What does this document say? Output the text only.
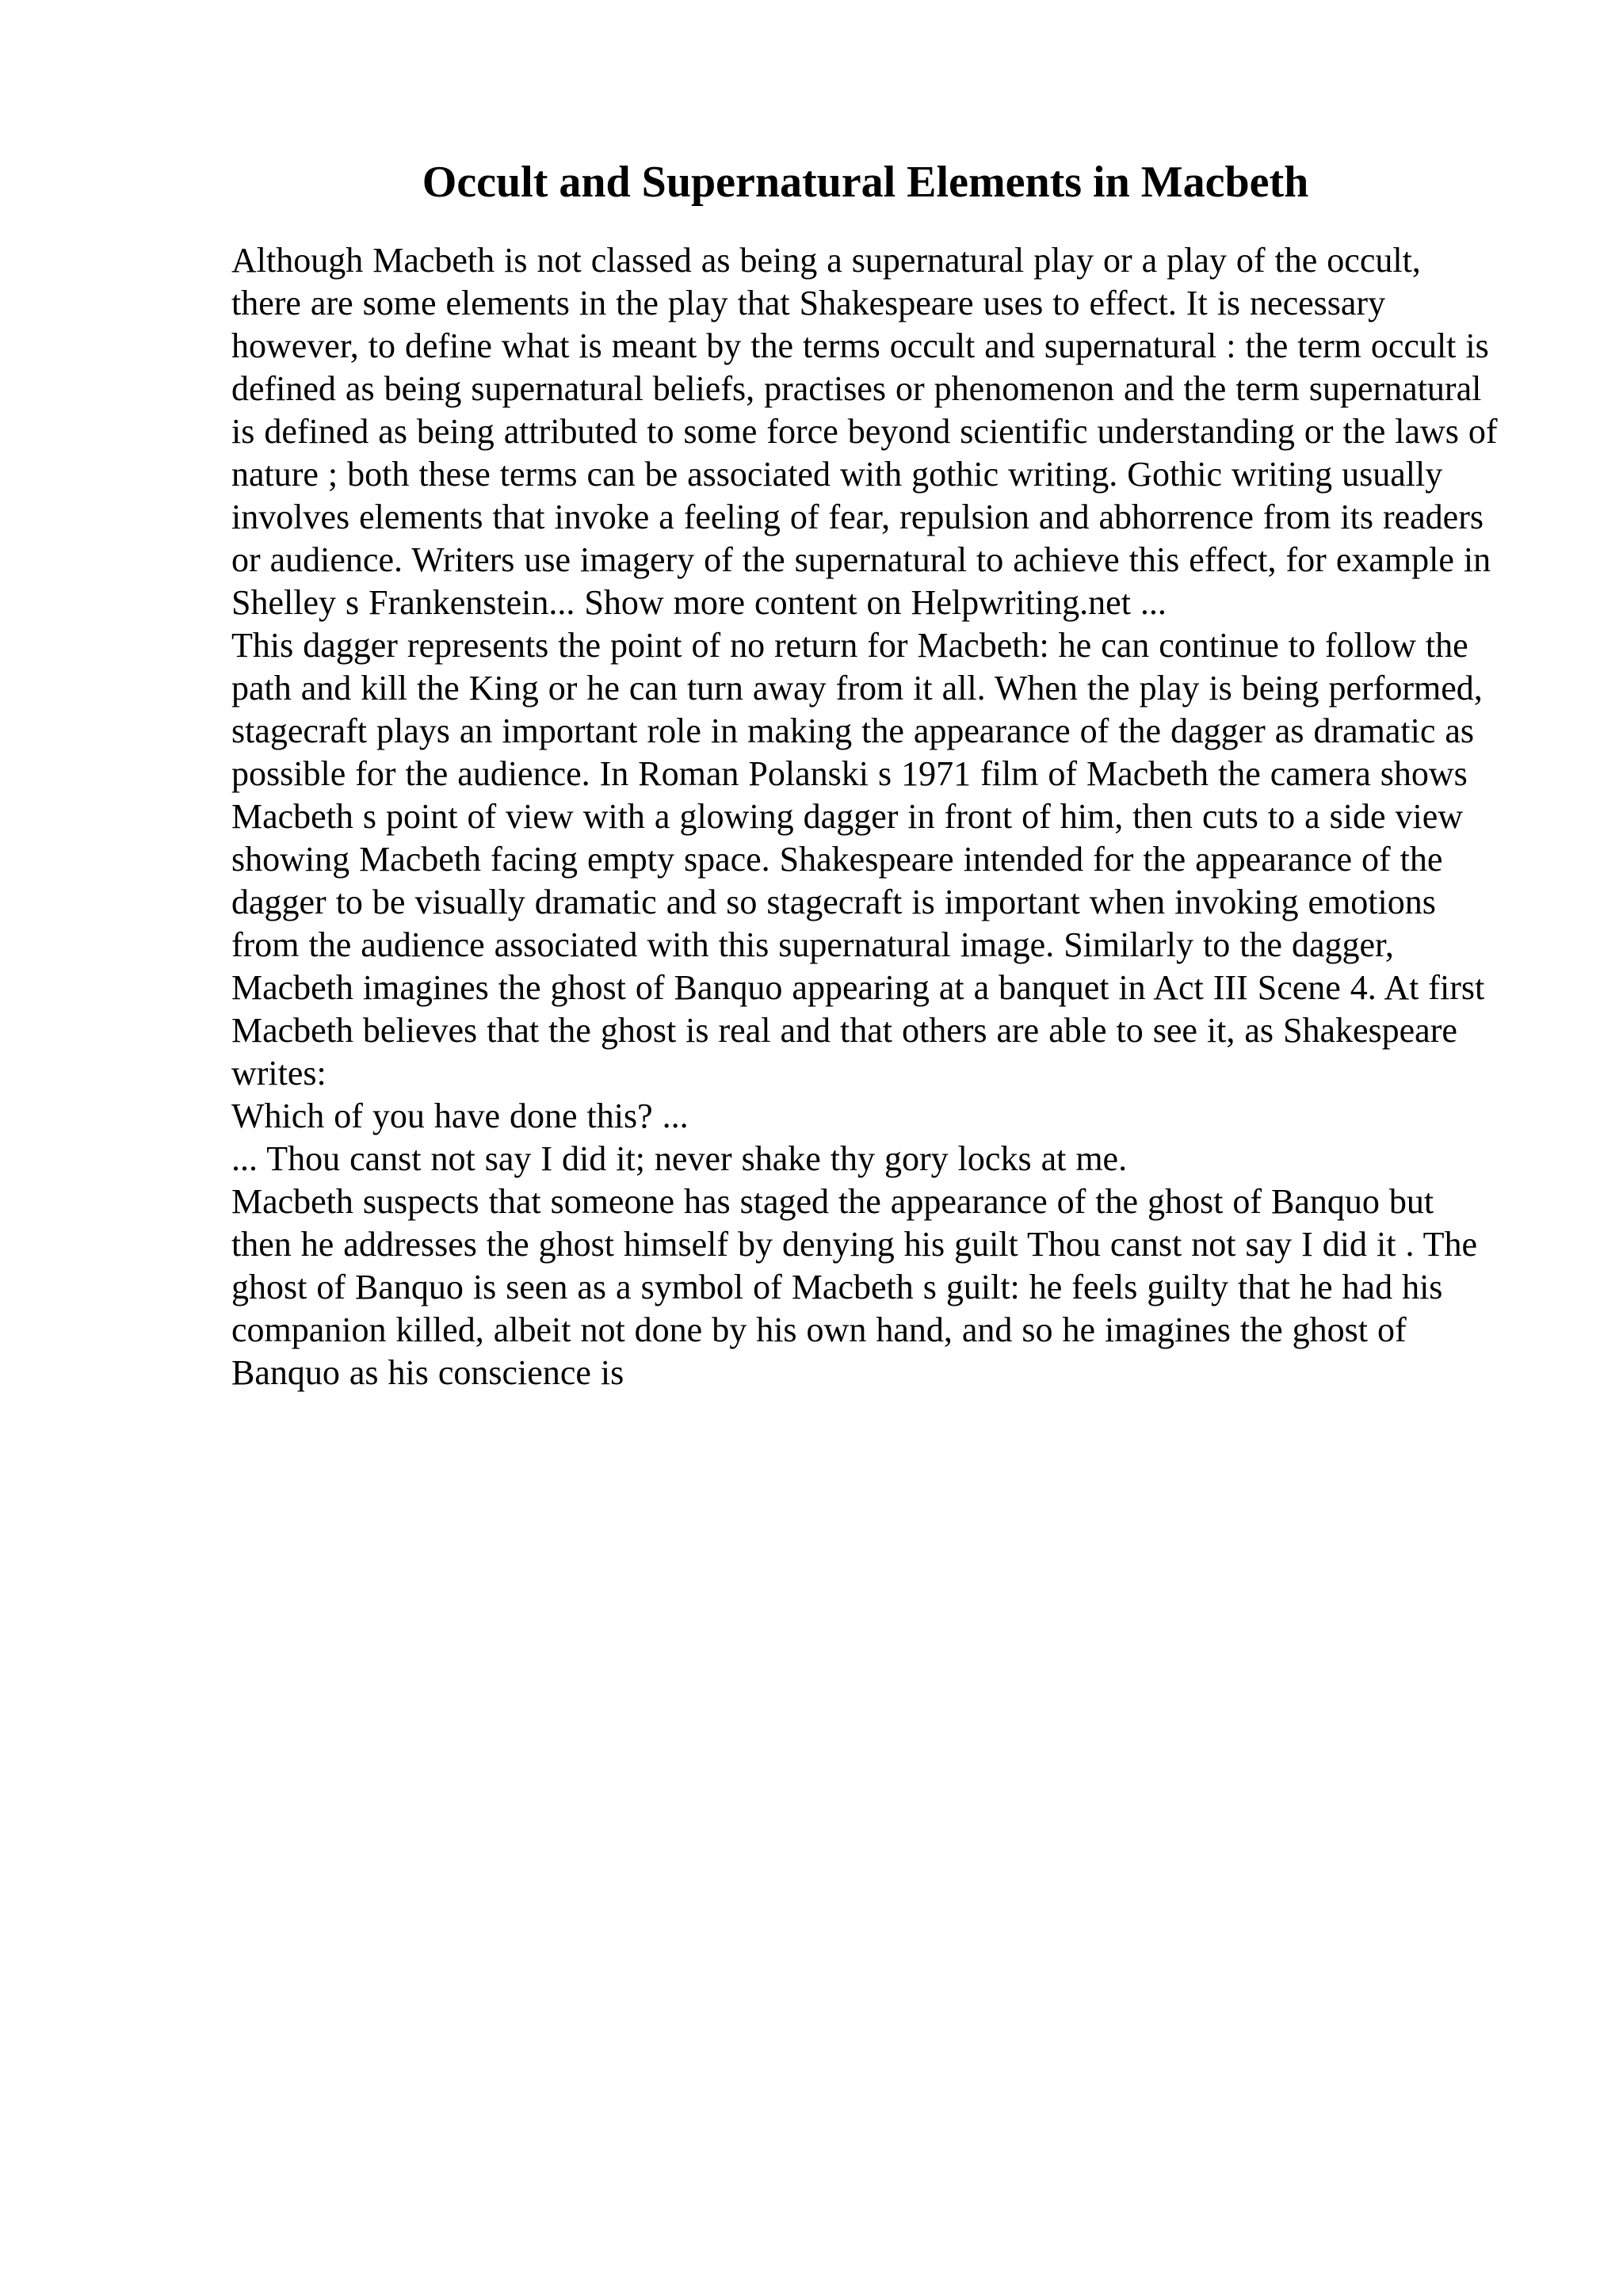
Occult and Supernatural Elements in Macbeth

Although Macbeth is not classed as being a supernatural play or a play of the occult, there are some elements in the play that Shakespeare uses to effect. It is necessary however, to define what is meant by the terms occult and supernatural : the term occult is defined as being supernatural beliefs, practises or phenomenon and the term supernatural is defined as being attributed to some force beyond scientific understanding or the laws of nature ; both these terms can be associated with gothic writing. Gothic writing usually involves elements that invoke a feeling of fear, repulsion and abhorrence from its readers or audience. Writers use imagery of the supernatural to achieve this effect, for example in Shelley s Frankenstein... Show more content on Helpwriting.net ...

This dagger represents the point of no return for Macbeth: he can continue to follow the path and kill the King or he can turn away from it all. When the play is being performed, stagecraft plays an important role in making the appearance of the dagger as dramatic as possible for the audience. In Roman Polanski s 1971 film of Macbeth the camera shows Macbeth s point of view with a glowing dagger in front of him, then cuts to a side view showing Macbeth facing empty space. Shakespeare intended for the appearance of the dagger to be visually dramatic and so stagecraft is important when invoking emotions from the audience associated with this supernatural image. Similarly to the dagger, Macbeth imagines the ghost of Banquo appearing at a banquet in Act III Scene 4. At first Macbeth believes that the ghost is real and that others are able to see it, as Shakespeare writes:

Which of you have done this? ...

... Thou canst not say I did it; never shake thy gory locks at me.

Macbeth suspects that someone has staged the appearance of the ghost of Banquo but then he addresses the ghost himself by denying his guilt Thou canst not say I did it . The ghost of Banquo is seen as a symbol of Macbeth s guilt: he feels guilty that he had his companion killed, albeit not done by his own hand, and so he imagines the ghost of Banquo as his conscience is
